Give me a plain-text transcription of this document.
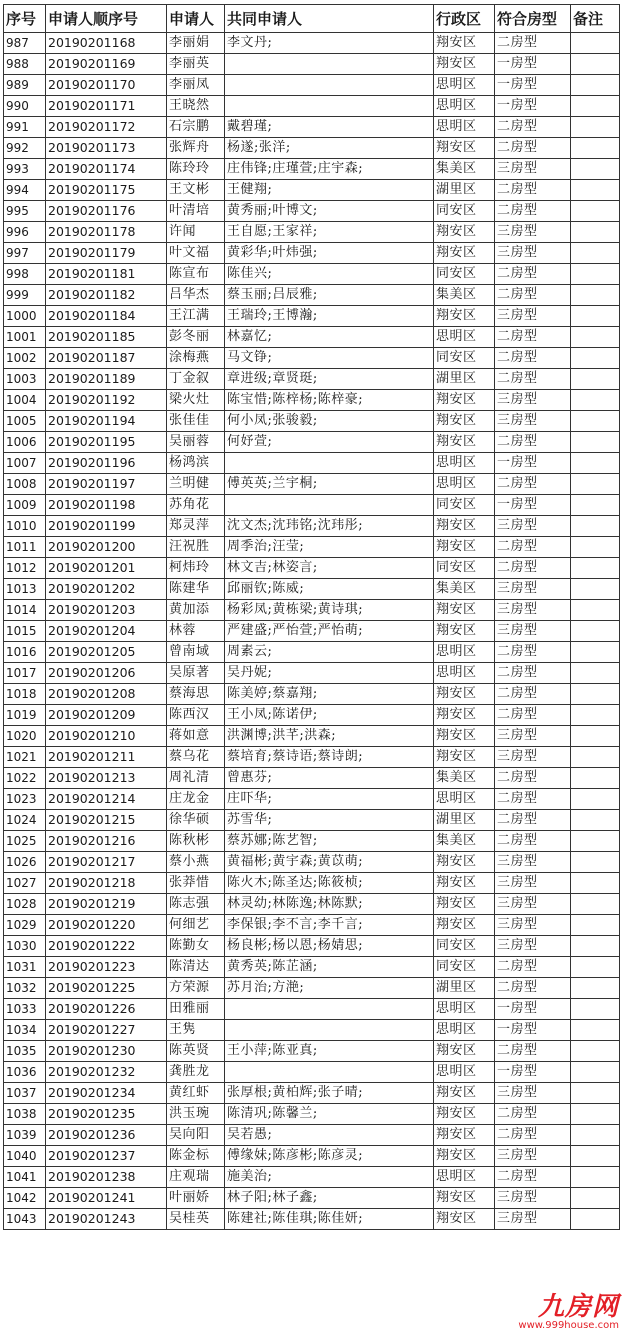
序号	申请人顺序号	申请人	共同申请人	行政区	符合房型	备注
987	20190201168	李丽娟	李文丹;	翔安区	二房型	
988	20190201169	李丽英		翔安区	一房型	
989	20190201170	李丽凤		思明区	一房型	
990	20190201171	王晓然		思明区	一房型	
991	20190201172	石宗鹏	戴碧瑾;	思明区	二房型	
992	20190201173	张辉舟	杨遂;张洋;	翔安区	二房型	
993	20190201174	陈玲玲	庄伟锋;庄瑾萱;庄宇森;	集美区	三房型	
994	20190201175	王文彬	王健翔;	湖里区	二房型	
995	20190201176	叶清培	黄秀丽;叶博文;	同安区	二房型	
996	20190201178	许闻	王自愿;王家祥;	翔安区	三房型	
997	20190201179	叶文福	黄彩华;叶炜强;	翔安区	三房型	
998	20190201181	陈宣布	陈佳兴;	同安区	二房型	
999	20190201182	吕华杰	蔡玉丽;吕辰雅;	集美区	二房型	
1000	20190201184	王江满	王瑞玲;王博瀚;	翔安区	三房型	
1001	20190201185	彭冬丽	林嘉忆;	思明区	二房型	
1002	20190201187	涂梅燕	马文铮;	同安区	二房型	
1003	20190201189	丁金叙	章进级;章贤珽;	湖里区	二房型	
1004	20190201192	梁火灶	陈宝惜;陈梓杨;陈梓豪;	翔安区	三房型	
1005	20190201194	张佳佳	何小凤;张骏毅;	翔安区	三房型	
1006	20190201195	吴丽蓉	何妤萱;	翔安区	二房型	
1007	20190201196	杨鸿滨		思明区	一房型	
1008	20190201197	兰明健	傅英英;兰宇桐;	思明区	二房型	
1009	20190201198	苏角花		同安区	一房型	
1010	20190201199	郑灵萍	沈文杰;沈玮铭;沈玮彤;	翔安区	三房型	
1011	20190201200	汪祝胜	周季治;汪莹;	翔安区	二房型	
1012	20190201201	柯炜玲	林文吉;林姿言;	同安区	二房型	
1013	20190201202	陈建华	邱丽钦;陈威;	集美区	三房型	
1014	20190201203	黄加添	杨彩凤;黄栋梁;黄诗琪;	翔安区	三房型	
1015	20190201204	林蓉	严建盛;严怡萱;严怡萌;	翔安区	三房型	
1016	20190201205	曾南域	周素云;	思明区	二房型	
1017	20190201206	吴原著	吴丹妮;	思明区	二房型	
1018	20190201208	蔡海思	陈美婷;蔡嘉翔;	翔安区	二房型	
1019	20190201209	陈西汉	王小凤;陈诺伊;	翔安区	二房型	
1020	20190201210	蒋如意	洪渊博;洪芊;洪森;	翔安区	三房型	
1021	20190201211	蔡乌花	蔡培育;蔡诗语;蔡诗朗;	翔安区	三房型	
1022	20190201213	周礼清	曾惠芬;	集美区	二房型	
1023	20190201214	庄龙金	庄吓华;	思明区	二房型	
1024	20190201215	徐华硕	苏雪华;	湖里区	二房型	
1025	20190201216	陈秋彬	蔡苏娜;陈艺智;	集美区	二房型	
1026	20190201217	蔡小燕	黄福彬;黄宇森;黄苡萌;	翔安区	三房型	
1027	20190201218	张莽惜	陈火木;陈圣达;陈筱桢;	翔安区	三房型	
1028	20190201219	陈志强	林灵幼;林陈逸;林陈默;	翔安区	三房型	
1029	20190201220	何细艺	李保银;李不言;李千言;	翔安区	三房型	
1030	20190201222	陈勤女	杨良彬;杨以恩;杨婧思;	同安区	三房型	
1031	20190201223	陈清达	黄秀英;陈芷涵;	同安区	二房型	
1032	20190201225	方荣源	苏月治;方滟;	湖里区	二房型	
1033	20190201226	田雅丽		思明区	一房型	
1034	20190201227	王隽		思明区	一房型	
1035	20190201230	陈英贤	王小萍;陈亚真;	翔安区	二房型	
1036	20190201232	龚胜龙		思明区	一房型	
1037	20190201234	黄红虾	张厚根;黄柏辉;张子晴;	翔安区	三房型	
1038	20190201235	洪玉琬	陈清巩;陈馨兰;	翔安区	二房型	
1039	20190201236	吴向阳	吴若愚;	翔安区	二房型	
1040	20190201237	陈金标	傅缘妹;陈彦彬;陈彦灵;	翔安区	三房型	
1041	20190201238	庄观瑞	施美治;	思明区	二房型	
1042	20190201241	叶丽娇	林子阳;林子鑫;	翔安区	三房型	
1043	20190201243	吴桂英	陈建社;陈佳琪;陈佳妍;	翔安区	三房型	
九房网
www.999house.com
